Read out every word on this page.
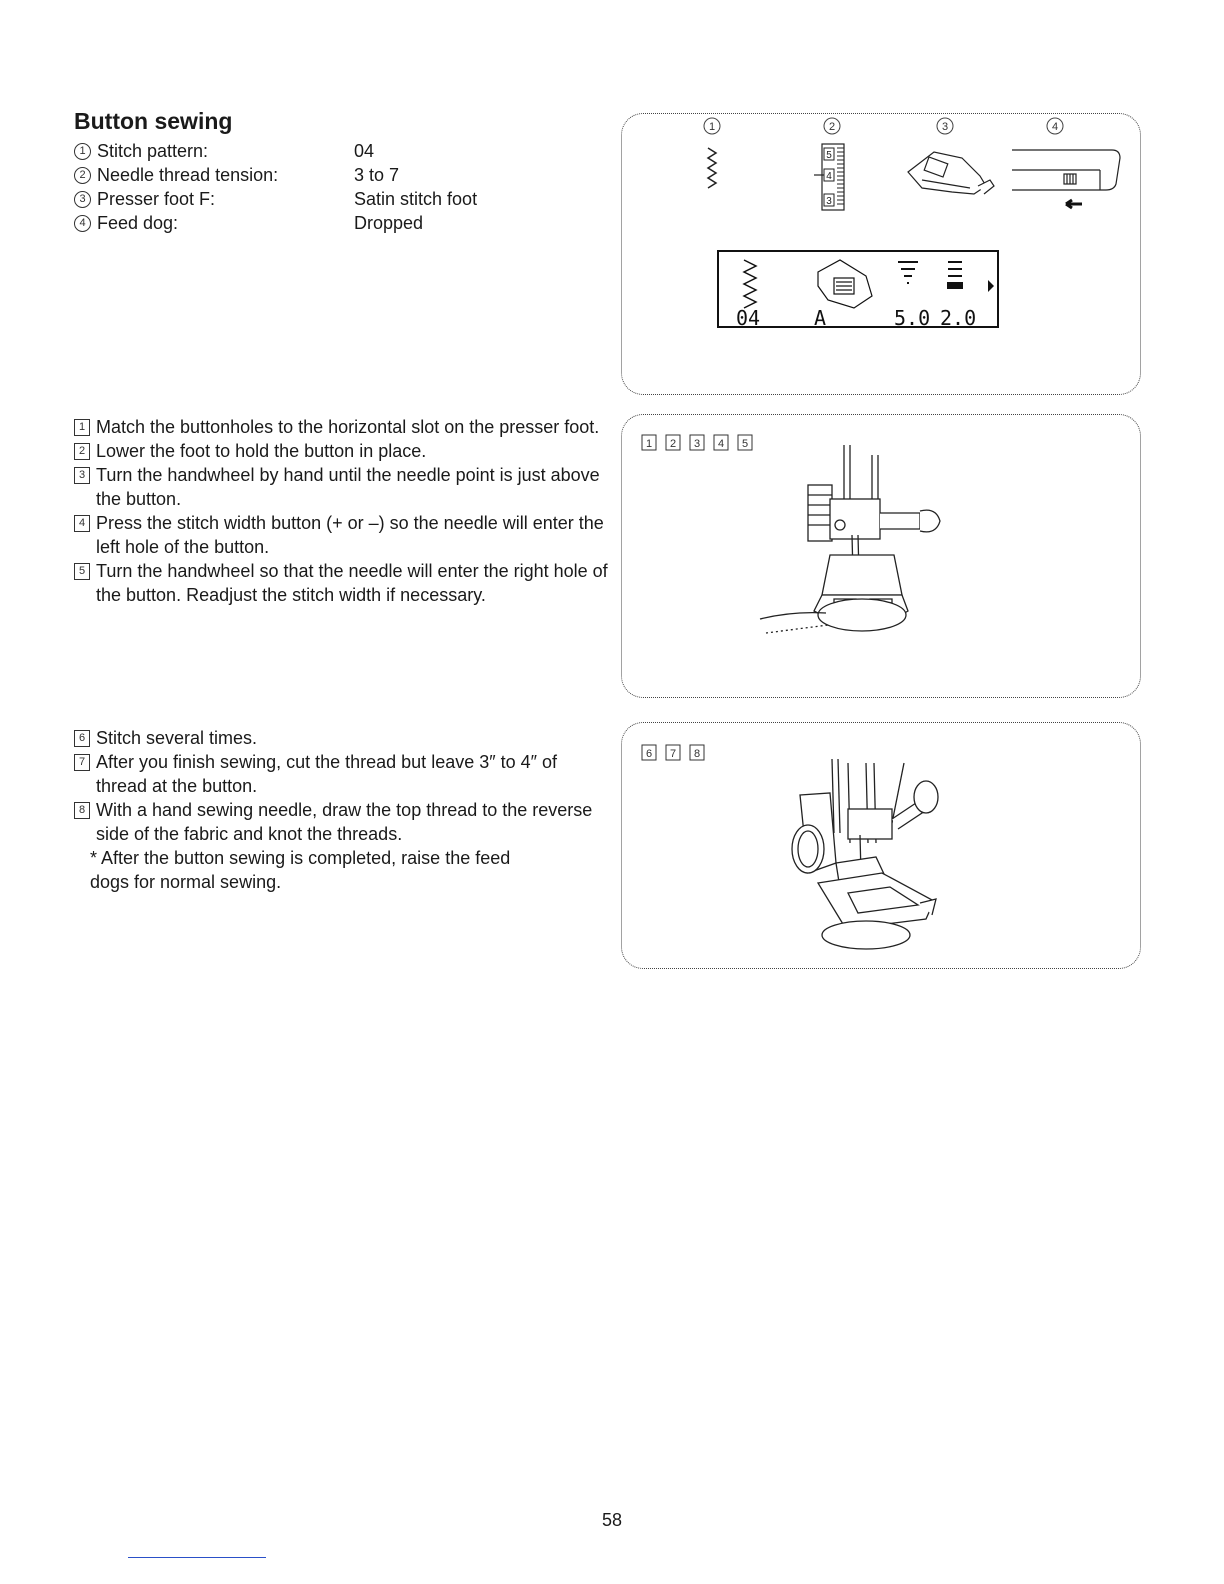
Button sewing
1 Stitch pattern:	04
2 Needle thread tension:	3 to 7
3 Presser foot F:	Satin stitch foot
4 Feed dog:	Dropped
1 Match the buttonholes to the horizontal slot on the presser foot.
2 Lower the foot to hold the button in place.
3 Turn the handwheel by hand until the needle point is just above the button.
4 Press the stitch width button (+ or –) so the needle will enter the left hole of the button.
5 Turn the handwheel so that the needle will enter the right hole of the button. Readjust the stitch width if necessary.
6 Stitch several times.
7 After you finish sewing, cut the thread but leave 3″ to 4″ of thread at the button.
8 With a hand sewing needle, draw the top thread to the reverse side of the fabric and knot the threads.
* After the button sewing is completed, raise the feed dogs for normal sewing.
1	2	3	4
5
4
3
04	A	5.0 2.0
1 2 3 4 5
6 7 8
58
